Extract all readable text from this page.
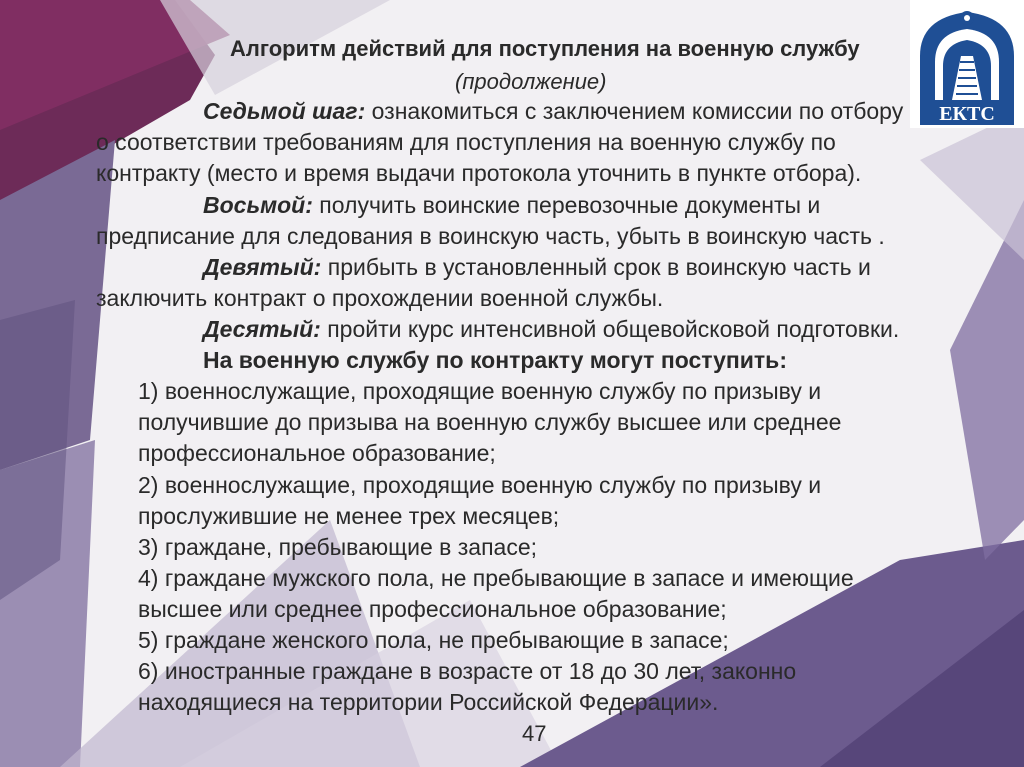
ЕКТС
Алгоритм действий для поступления на военную службу
(продолжение)
Седьмой шаг: ознакомиться с заключением комиссии по отбору
о соответствии требованиям для поступления на военную службу по
контракту (место и время выдачи протокола уточнить в пункте отбора).
Восьмой: получить воинские перевозочные документы и
предписание для следования в воинскую часть, убыть в воинскую часть .
Девятый: прибыть в установленный срок в воинскую часть и
заключить контракт о прохождении военной службы.
Десятый: пройти курс интенсивной общевойсковой подготовки.
На военную службу по контракту могут поступить:
1) военнослужащие, проходящие военную службу по призыву и
получившие до призыва на военную службу высшее или среднее
профессиональное образование;
2) военнослужащие, проходящие военную службу по призыву и
прослужившие не менее трех месяцев;
3) граждане, пребывающие в запасе;
4) граждане мужского пола, не пребывающие в запасе и имеющие
высшее или среднее профессиональное образование;
5) граждане женского пола, не пребывающие в запасе;
6) иностранные граждане в возрасте от 18 до 30 лет, законно
находящиеся на территории Российской Федерации».
47
